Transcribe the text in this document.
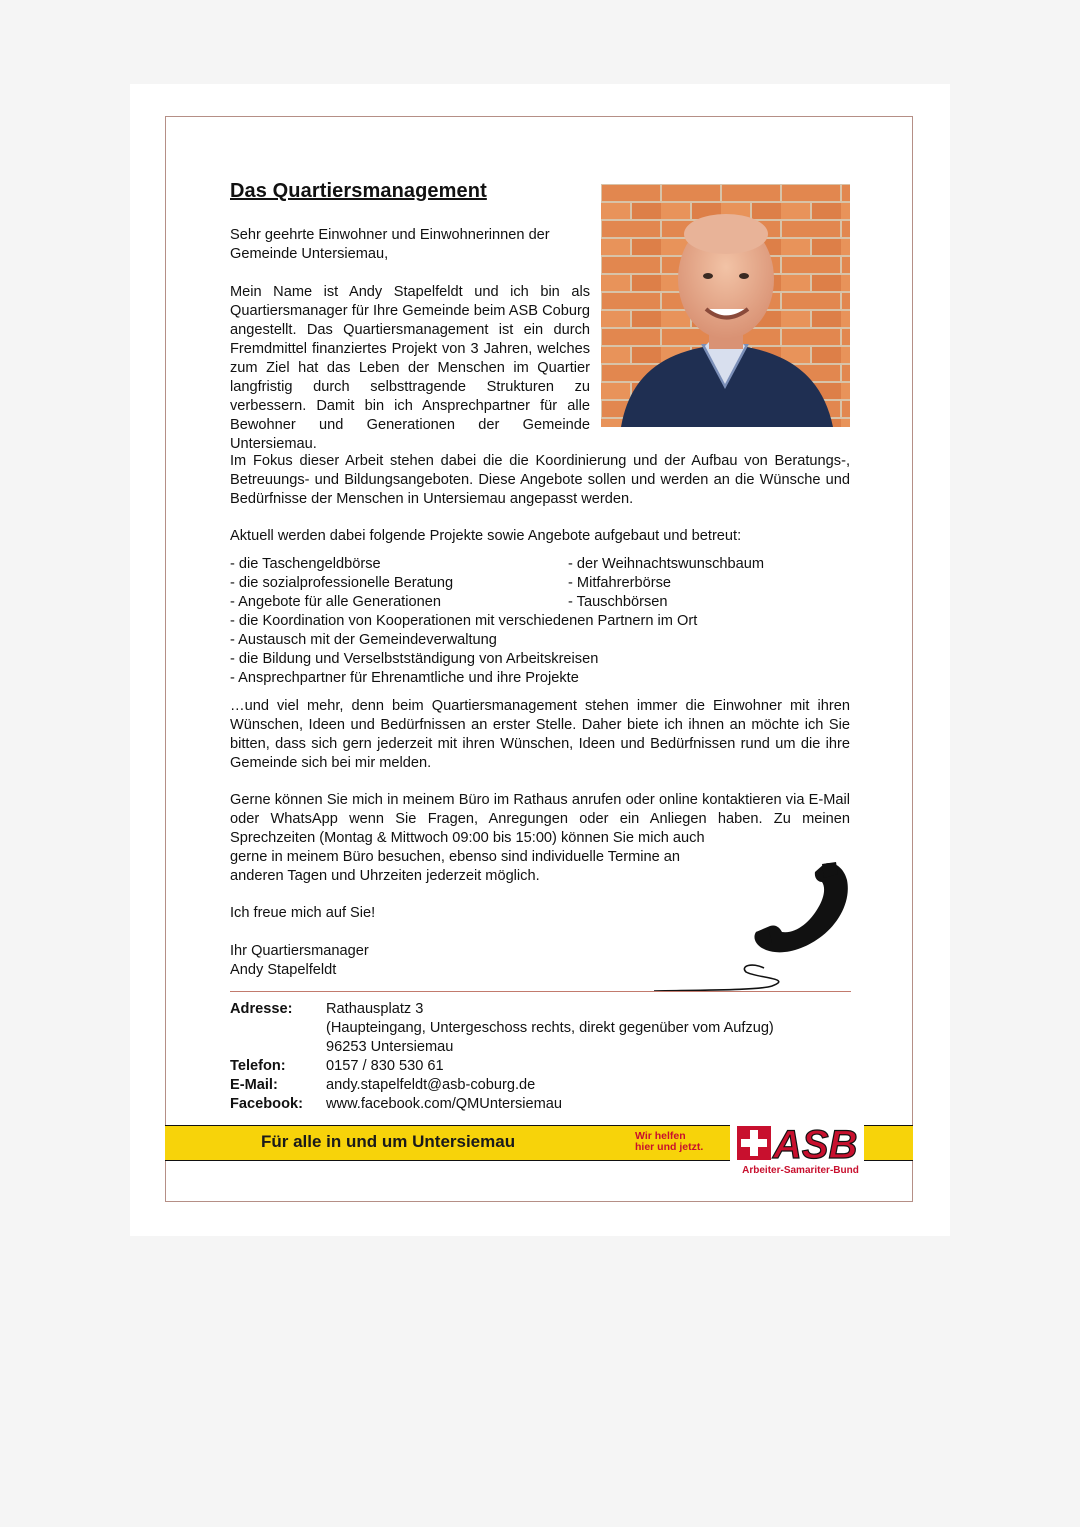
Das Quartiersmanagement

Sehr geehrte Einwohner und Einwohnerinnen der Gemeinde Untersiemau,

Mein Name ist Andy Stapelfeldt und ich bin als Quartiersmanager für Ihre Gemeinde beim ASB Coburg angestellt. Das Quartiersmanagement ist ein durch Fremdmittel finanziertes Projekt von 3 Jahren, welches zum Ziel hat das Leben der Menschen im Quartier langfristig durch selbsttragende Strukturen zu verbessern. Damit bin ich Ansprechpartner für alle Bewohner und Generationen der Gemeinde Untersiemau.

Im Fokus dieser Arbeit stehen dabei die die Koordinierung und der Aufbau von Beratungs-, Betreuungs- und Bildungsangeboten. Diese Angebote sollen und werden an die Wünsche und Bedürfnisse der Menschen in Untersiemau angepasst werden.

Aktuell werden dabei folgende Projekte sowie Angebote aufgebaut und betreut:

- die Taschengeldbörse	- der Weihnachtswunschbaum
- die sozialprofessionelle Beratung	- Mitfahrerbörse
- Angebote für alle Generationen	- Tauschbörsen
- die Koordination von Kooperationen mit verschiedenen Partnern im Ort
- Austausch mit der Gemeindeverwaltung
- die Bildung und Verselbstständigung von Arbeitskreisen
- Ansprechpartner für Ehrenamtliche und ihre Projekte

…und viel mehr, denn beim Quartiersmanagement stehen immer die Einwohner mit ihren Wünschen, Ideen und Bedürfnissen an erster Stelle. Daher biete ich ihnen an möchte ich Sie bitten, dass sich gern jederzeit mit ihren Wünschen, Ideen und Bedürfnissen rund um die ihre Gemeinde sich bei mir melden.

Gerne können Sie mich in meinem Büro im Rathaus anrufen oder online kontaktieren via E-Mail oder WhatsApp wenn Sie Fragen, Anregungen oder ein Anliegen haben. Zu meinen Sprechzeiten (Montag & Mittwoch 09:00 bis 15:00) können Sie mich auch
gerne in meinem Büro besuchen, ebenso sind individuelle Termine an
anderen Tagen und Uhrzeiten jederzeit möglich.

Ich freue mich auf Sie!

Ihr Quartiersmanager
Andy Stapelfeldt
Adresse:	Rathausplatz 3
(Haupteingang, Untergeschoss rechts, direkt gegenüber vom Aufzug)
96253 Untersiemau
Telefon:	0157 / 830 530 61
E-Mail:	andy.stapelfeldt@asb-coburg.de
Facebook:	www.facebook.com/QMUntersiemau
Für alle in und um Untersiemau	Wir helfen
hier und jetzt. ASB
Arbeiter-Samariter-Bund
